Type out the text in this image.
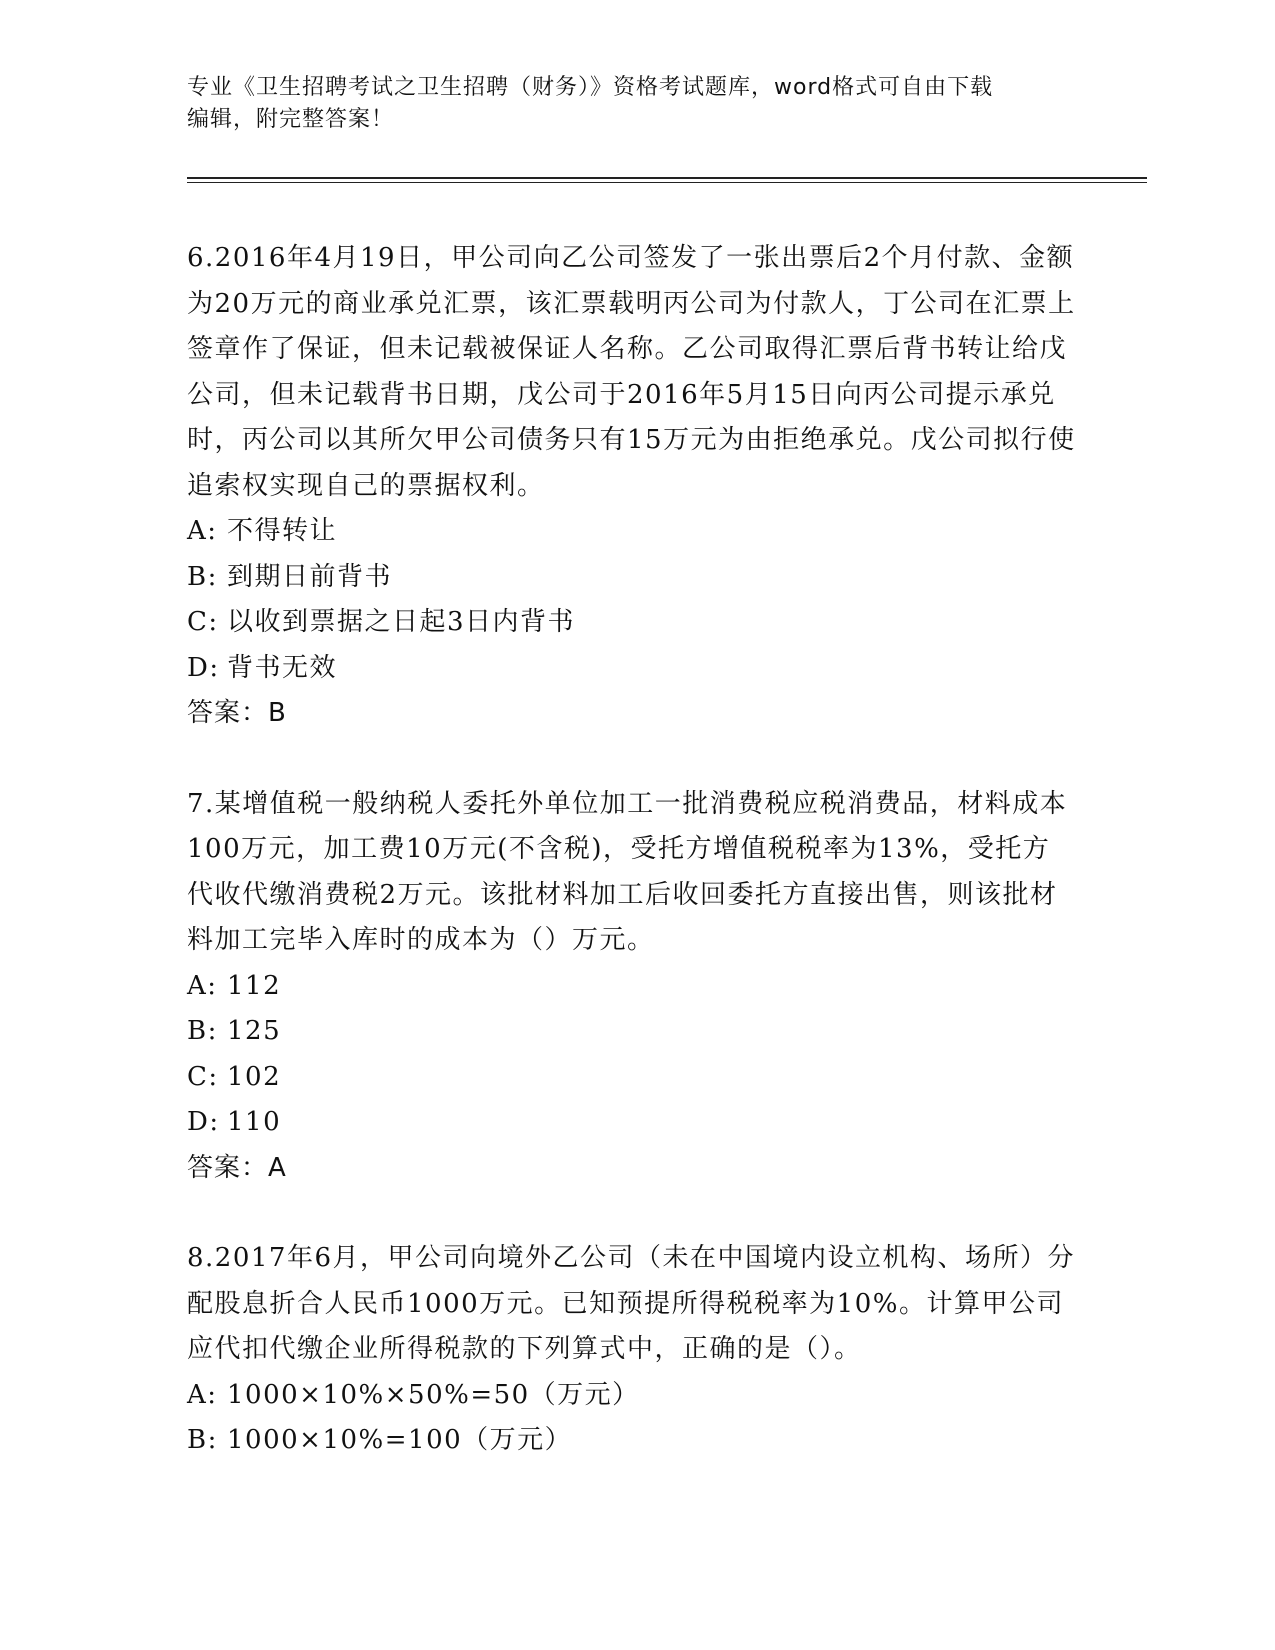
专业《卫生招聘考试之卫生招聘（财务）》资格考试题库，word格式可自由下载
编辑，附完整答案！

6.2016年4月19日，甲公司向乙公司签发了一张出票后2个月付款、金额为20万元的商业承兑汇票，该汇票载明丙公司为付款人，丁公司在汇票上签章作了保证，但未记载被保证人名称。乙公司取得汇票后背书转让给戊公司，但未记载背书日期，戊公司于2016年5月15日向丙公司提示承兑时，丙公司以其所欠甲公司债务只有15万元为由拒绝承兑。戊公司拟行使追索权实现自己的票据权利。

A: 不得转让

B: 到期日前背书

C: 以收到票据之日起3日内背书

D: 背书无效

答案：B

7.某增值税一般纳税人委托外单位加工一批消费税应税消费品，材料成本100万元，加工费10万元(不含税)，受托方增值税税率为13%，受托方代收代缴消费税2万元。该批材料加工后收回委托方直接出售，则该批材料加工完毕入库时的成本为（）万元。

A: 112

B: 125

C: 102

D: 110

答案：A

8.2017年6月，甲公司向境外乙公司（未在中国境内设立机构、场所）分配股息折合人民币1000万元。已知预提所得税税率为10%。计算甲公司应代扣代缴企业所得税款的下列算式中，正确的是（）。

A: 1000×10%×50%=50（万元）

B: 1000×10%=100（万元）
